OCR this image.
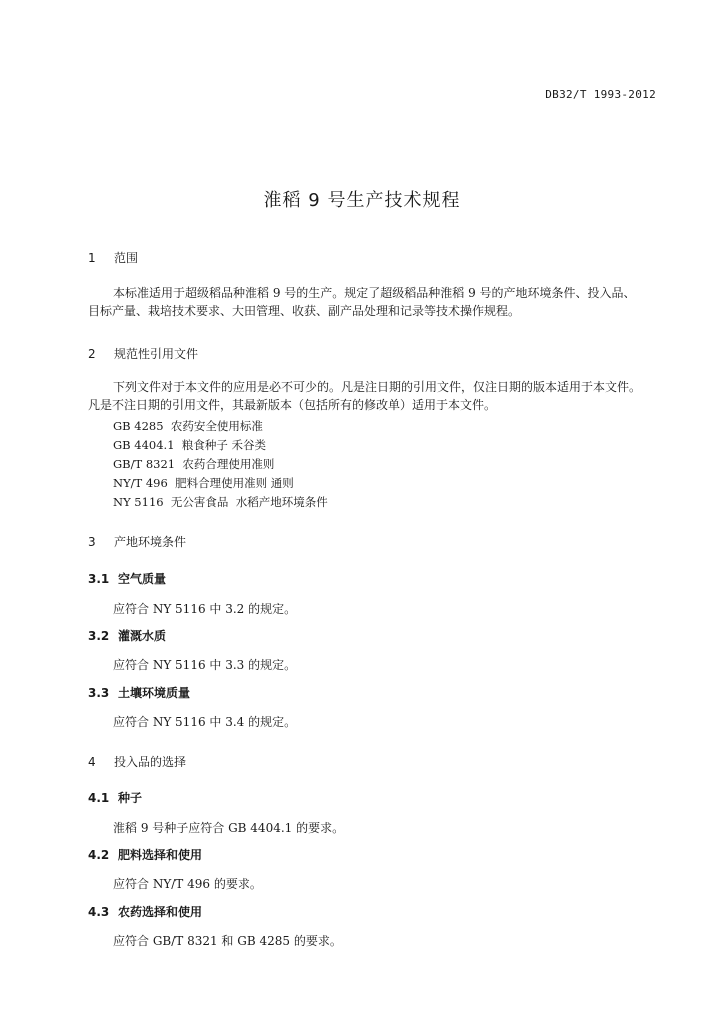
DB32/T 1993-2012
淮稻 9 号生产技术规程
1 范围
本标准适用于超级稻品种淮稻 9 号的生产。规定了超级稻品种淮稻 9 号的产地环境条件、投入品、
目标产量、栽培技术要求、大田管理、收获、副产品处理和记录等技术操作规程。
2 规范性引用文件
下列文件对于本文件的应用是必不可少的。凡是注日期的引用文件，仅注日期的版本适用于本文件。
凡是不注日期的引用文件，其最新版本（包括所有的修改单）适用于本文件。
GB 4285  农药安全使用标准
GB 4404.1  粮食种子 禾谷类
GB/T 8321  农药合理使用准则
NY/T 496  肥料合理使用准则 通则
NY 5116  无公害食品  水稻产地环境条件
3 产地环境条件
3.1 空气质量
应符合 NY 5116 中 3.2 的规定。
3.2 灌溉水质
应符合 NY 5116 中 3.3 的规定。
3.3 土壤环境质量
应符合 NY 5116 中 3.4 的规定。
4 投入品的选择
4.1 种子
淮稻 9 号种子应符合 GB 4404.1 的要求。
4.2 肥料选择和使用
应符合 NY/T 496 的要求。
4.3 农药选择和使用
应符合 GB/T 8321 和 GB 4285 的要求。
